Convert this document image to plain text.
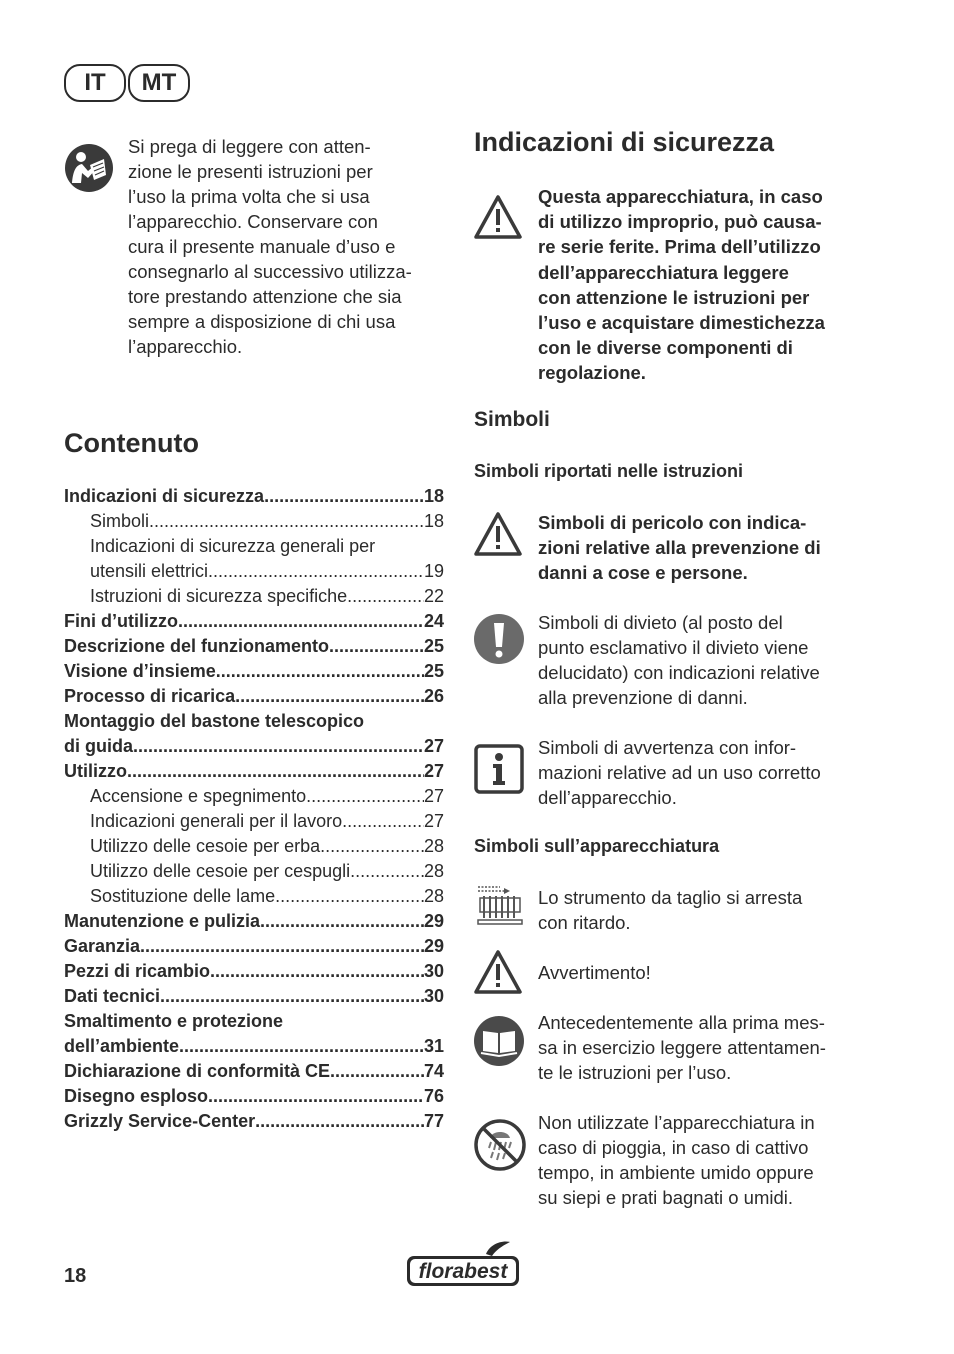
IT	MT

Si prega di leggere con atten-

zione le presenti istruzioni per

l’uso la prima volta che si usa

l’apparecchio. Conservare con

cura il presente manuale d’uso e

consegnarlo al successivo utilizza-

tore prestando attenzione che sia

sempre a disposizione di chi usa

l’apparecchio.

Contenuto
Indicazioni di sicurezza .....	18
Simboli .....	18
Indicazioni di sicurezza generali per
utensili elettrici .....	19
Istruzioni di sicurezza specifiche .....	22
Fini d’utilizzo .....	24
Descrizione del funzionamento .....	25
Visione d’insieme .....	25
Processo di ricarica .....	26
Montaggio del bastone telescopico
di guida .....	27
Utilizzo .....	27
Accensione e spegnimento .....	27
Indicazioni generali per il lavoro .....	27
Utilizzo delle cesoie per erba .....	28
Utilizzo delle cesoie per cespugli .....	28
Sostituzione delle lame .....	28
Manutenzione e pulizia .....	29
Garanzia .....	29
Pezzi di ricambio .....	30
Dati tecnici .....	30
Smaltimento e protezione
dell’ambiente .....	31
Dichiarazione di conformità CE .....	74
Disegno esploso .....	76
Grizzly Service-Center .....	77
Indicazioni di sicurezza
Questa apparecchiatura, in caso
di utilizzo improprio, può causa-
re serie ferite. Prima dell’utilizzo
dell’apparecchiatura leggere
con attenzione le istruzioni per
l’uso e acquistare dimestichezza
con le diverse componenti di
regolazione.
Simboli
Simboli riportati nelle istruzioni
Simboli di pericolo con indica-
zioni relative alla prevenzione di
danni a cose e persone.
Simboli di divieto (al posto del
punto esclamativo il divieto viene
delucidato) con indicazioni relative
alla prevenzione di danni.
Simboli di avvertenza con infor-
mazioni relative ad un uso corretto
dell’apparecchio.
Simboli sull’apparecchiatura
Lo strumento da taglio si arresta
con ritardo.
Avvertimento!
Antecedentemente alla prima mes-
sa in esercizio leggere attentamen-
te le istruzioni per l’uso.
Non utilizzate l’apparecchiatura in
caso di pioggia, in caso di cattivo
tempo, in ambiente umido oppure
su siepi e prati bagnati o umidi.
18	florabest
